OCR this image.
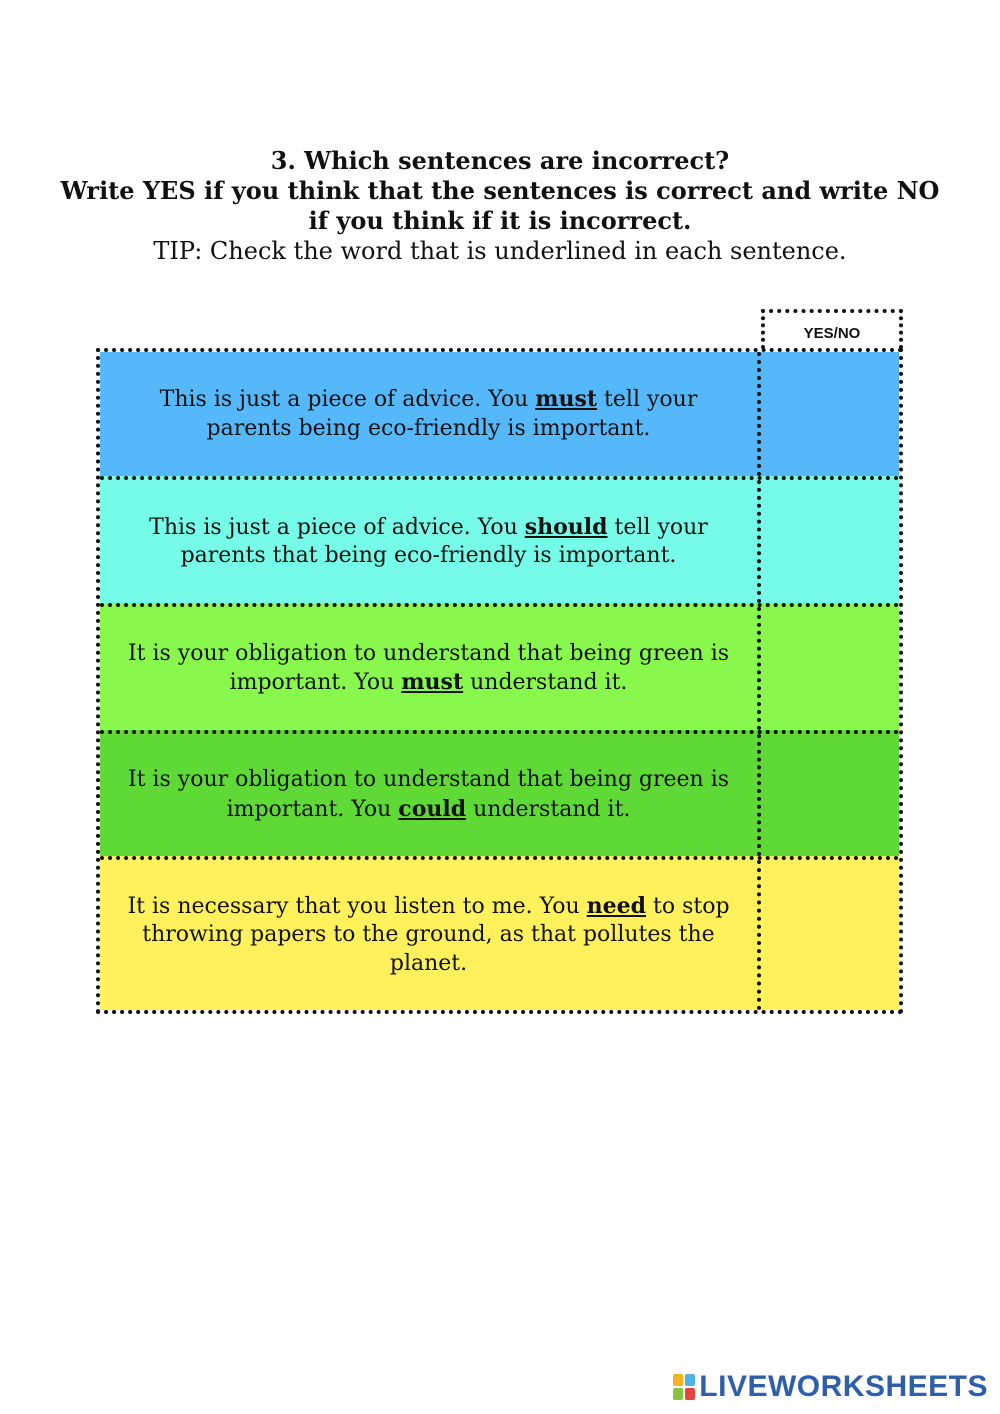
3. Which sentences are incorrect?
Write YES if you think that the sentences is correct and write NO if you think if it is incorrect.
TIP: Check the word that is underlined in each sentence.
YES/NO
This is just a piece of advice. You must tell your parents being eco-friendly is important.
This is just a piece of advice. You should tell your parents that being eco-friendly is important.
It is your obligation to understand that being green is important. You must understand it.
It is your obligation to understand that being green is important. You could understand it.
It is necessary that you listen to me. You need to stop throwing papers to the ground, as that pollutes the planet.
LIVEWORKSHEETS
